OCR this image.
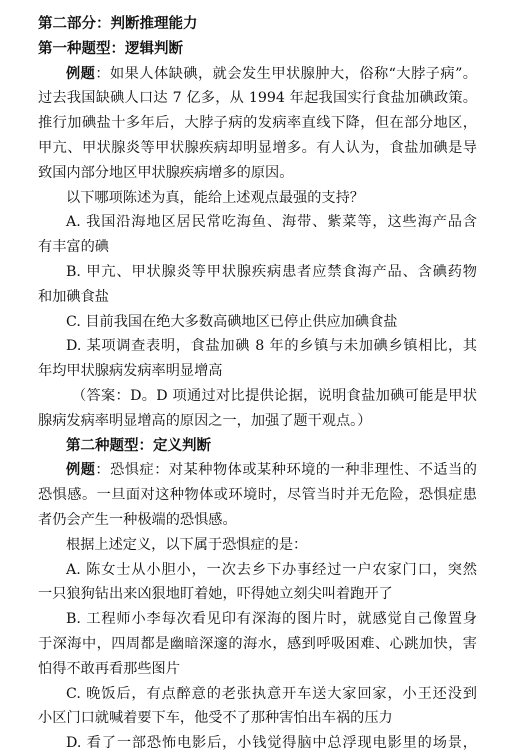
第二部分：判断推理能力
第一种题型：逻辑判断
例题：如果人体缺碘，就会发生甲状腺肿大，俗称“大脖子病”。
过去我国缺碘人口达 7 亿多，从 1994 年起我国实行食盐加碘政策。
推行加碘盐十多年后，大脖子病的发病率直线下降，但在部分地区，
甲亢、甲状腺炎等甲状腺疾病却明显增多。有人认为，食盐加碘是导
致国内部分地区甲状腺疾病增多的原因。
以下哪项陈述为真，能给上述观点最强的支持？
A. 我国沿海地区居民常吃海鱼、海带、紫菜等，这些海产品含
有丰富的碘
B. 甲亢、甲状腺炎等甲状腺疾病患者应禁食海产品、含碘药物
和加碘食盐
C. 目前我国在绝大多数高碘地区已停止供应加碘食盐
D. 某项调查表明，食盐加碘 8 年的乡镇与未加碘乡镇相比，其
年均甲状腺病发病率明显增高
（答案：D。D 项通过对比提供论据，说明食盐加碘可能是甲状
腺病发病率明显增高的原因之一，加强了题干观点。）
第二种题型：定义判断
例题：恐惧症：对某种物体或某种环境的一种非理性、不适当的
恐惧感。一旦面对这种物体或环境时，尽管当时并无危险，恐惧症患
者仍会产生一种极端的恐惧感。
根据上述定义，以下属于恐惧症的是：
A. 陈女士从小胆小，一次去乡下办事经过一户农家门口，突然
一只狼狗钻出来凶狠地盯着她，吓得她立刻尖叫着跑开了
B. 工程师小李每次看见印有深海的图片时，就感觉自己像置身
于深海中，四周都是幽暗深邃的海水，感到呼吸困难、心跳加快，害
怕得不敢再看那些图片
C. 晚饭后，有点醉意的老张执意开车送大家回家，小王还没到
小区门口就喊着要下车，他受不了那种害怕出车祸的压力
D. 看了一部恐怖电影后，小钱觉得脑中总浮现电影里的场景，
